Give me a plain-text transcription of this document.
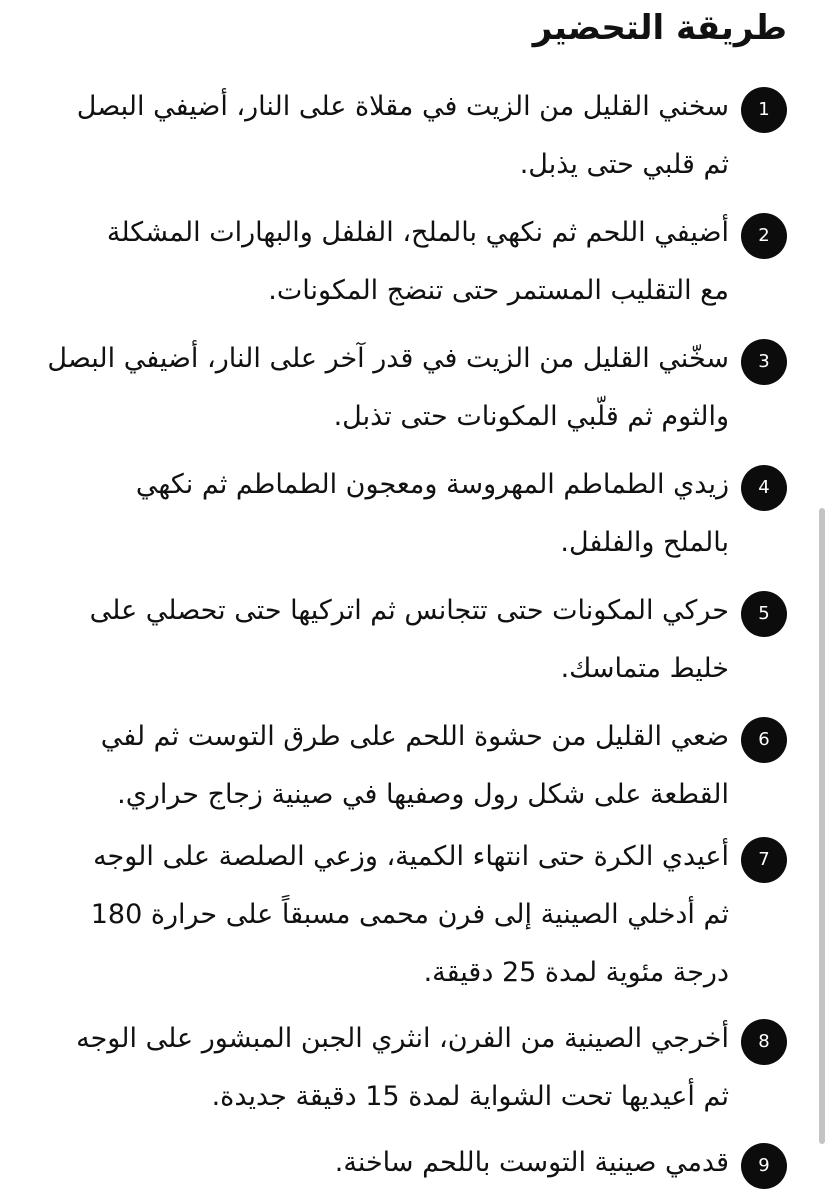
طريقة التحضير
1

سخني القليل من الزيت في مقلاة على النار، أضيفي البصل
ثم قلبي حتى يذبل.

2

أضيفي اللحم ثم نكهي بالملح، الفلفل والبهارات المشكلة
مع التقليب المستمر حتى تنضج المكونات.

3

سخّني القليل من الزيت في قدر آخر على النار، أضيفي البصل
والثوم ثم قلّبي المكونات حتى تذبل.

4

زيدي الطماطم المهروسة ومعجون الطماطم ثم نكهي
بالملح والفلفل.

5

حركي المكونات حتى تتجانس ثم اتركيها حتى تحصلي على
خليط متماسك.

6

ضعي القليل من حشوة اللحم على طرق التوست ثم لفي
القطعة على شكل رول وصفيها في صينية زجاج حراري.

7

أعيدي الكرة حتى انتهاء الكمية، وزعي الصلصة على الوجه
ثم أدخلي الصينية إلى فرن محمى مسبقاً على حرارة 180
درجة مئوية لمدة 25 دقيقة.

8

أخرجي الصينية من الفرن، انثري الجبن المبشور على الوجه
ثم أعيديها تحت الشواية لمدة 15 دقيقة جديدة.

9

قدمي صينية التوست باللحم ساخنة.
